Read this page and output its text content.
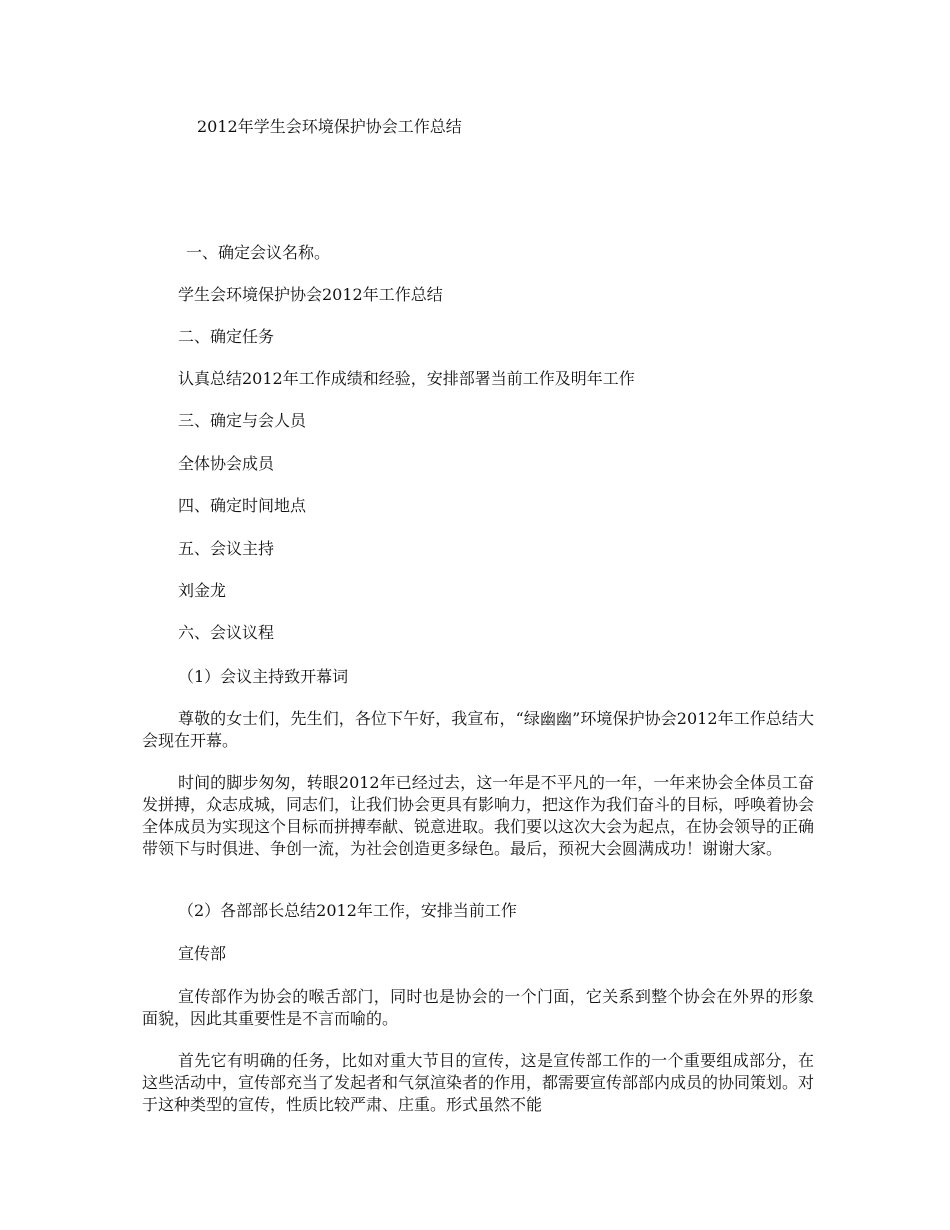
2012年学生会环境保护协会工作总结
一、确定会议名称。
学生会环境保护协会2012年工作总结
二、确定任务
认真总结2012年工作成绩和经验，安排部署当前工作及明年工作
三、确定与会人员
全体协会成员
四、确定时间地点
五、会议主持
刘金龙
六、会议议程
（1）会议主持致开幕词
尊敬的女士们，先生们，各位下午好，我宣布，“绿幽幽”环境保护协会2012年工作总结大会现在开幕。
时间的脚步匆匆，转眼2012年已经过去，这一年是不平凡的一年，一年来协会全体员工奋发拼搏，众志成城，同志们，让我们协会更具有影响力，把这作为我们奋斗的目标，呼唤着协会全体成员为实现这个目标而拼搏奉献、锐意进取。我们要以这次大会为起点，在协会领导的正确带领下与时俱进、争创一流，为社会创造更多绿色。最后，预祝大会圆满成功！谢谢大家。
（2）各部部长总结2012年工作，安排当前工作
宣传部
宣传部作为协会的喉舌部门，同时也是协会的一个门面，它关系到整个协会在外界的形象面貌，因此其重要性是不言而喻的。
首先它有明确的任务，比如对重大节目的宣传，这是宣传部工作的一个重要组成部分，在这些活动中，宣传部充当了发起者和气氛渲染者的作用，都需要宣传部部内成员的协同策划。对于这种类型的宣传，性质比较严肃、庄重。形式虽然不能
